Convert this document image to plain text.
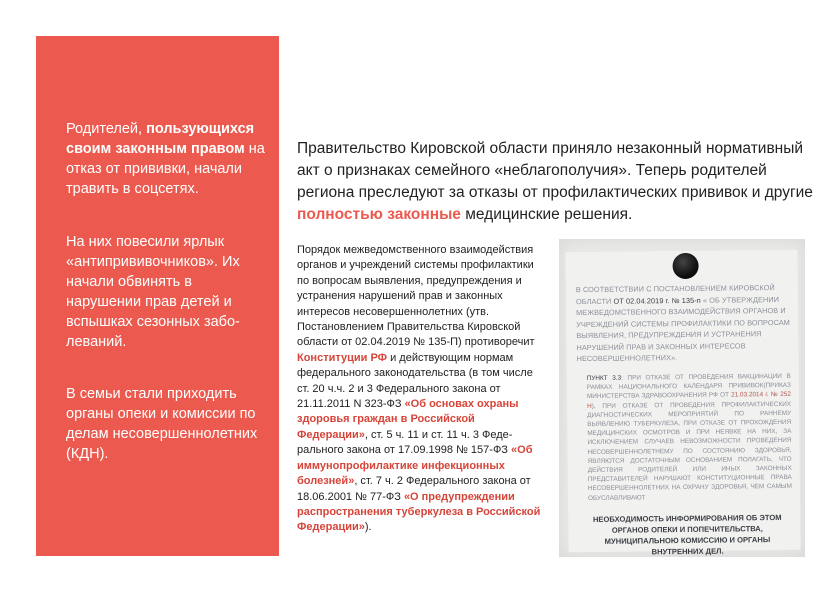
Родителей, пользующихся своим законным правом на отказ от прививки, начали травить в соцсетях.
На них повесили ярлык «антипрививочников». Их начали обвинять в нарушении прав детей и вспышках сезонных заболеваний.
В семьи стали приходить органы опеки и комиссии по делам несовершеннолетних (КДН).
Правительство Кировской области приняло незаконный нормативный акт о признаках семейного «неблагополучия». Теперь родителей региона преследуют за отказы от профилактических прививок и другие полностью законные медицинские решения.
Порядок межведомственного взаимодействия органов и учреждений системы профилактики по вопросам выявления, предупреждения и устранения нарушений прав и законных интересов несовершеннолетних (утв. Постановлением Правительства Кировской области от 02.04.2019 № 135-П) противоречит Конституции РФ и действующим нормам федерального законодательства (в том числе ст. 20 ч.ч. 2 и 3 Федерального закона от 21.11.2011 N 323-ФЗ «Об основах охраны здоровья граждан в Российской Федерации», ст. 5 ч. 11 и ст. 11 ч. 3 Федерального закона от 17.09.1998 № 157-ФЗ «Об иммунопрофилактике инфекционных болезней», ст. 7 ч. 2 Федерального закона от 18.06.2001 № 77-ФЗ «О предупреждении распространения туберкулеза в Российской Федерации»).
В СООТВЕТСТВИИ С ПОСТАНОВЛЕНИЕМ КИРОВСКОЙ ОБЛАСТИ ОТ 02.04.2019 г. № 135-п « ОБ УТВЕРЖДЕНИИ МЕЖВЕДОМСТВЕННОГО ВЗАИМОДЕЙСТВИЯ ОРГАНОВ И УЧРЕЖДЕНИЙ СИСТЕМЫ ПРОФИЛАКТИКИ ПО ВОПРОСАМ ВЫЯВЛЕНИЯ, ПРЕДУПРЕЖДЕНИЯ И УСТРАНЕНИЯ НАРУШЕНИЙ ПРАВ И ЗАКОННЫХ ИНТЕРЕСОВ НЕСОВЕРШЕННОЛЕТНИХ».
ПУНКТ 3.3: ПРИ ОТКАЗЕ ОТ ПРОВЕДЕНИЯ ВАКЦИНАЦИИ В РАМКАХ НАЦИОНАЛЬНОГО КАЛЕНДАРЯ ПРИВИВОК(ПРИКАЗ МИНИСТЕРСТВА ЗДРАВООХРАНЕНИЯ РФ ОТ 21.03.2014 г. № 252 Н), ПРИ ОТКАЗЕ ОТ ПРОВЕДЕНИЯ ПРОФИЛАКТИЧЕСКИХ ДИАГНОСТИЧЕСКИХ МЕРОПРИЯТИЙ ПО РАННЕМУ ВЫЯВЛЕНИЮ ТУБЕРКУЛЕЗА, ПРИ ОТКАЗЕ ОТ ПРОХОЖДЕНИЯ МЕДИЦИНСКИХ ОСМОТРОВ И ПРИ НЕЯВКЕ НА НИХ, ЗА ИСКЛЮЧЕНИЕМ СЛУЧАЕВ НЕВОЗМОЖНОСТИ ПРОВЕДЕНИЯ НЕСОВЕРШЕННОЛЕТНЕМУ ПО СОСТОЯНИЮ ЗДОРОВЬЯ, ЯВЛЯЮТСЯ ДОСТАТОЧНЫМ ОСНОВАНИЕМ ПОЛАГАТЬ, ЧТО ДЕЙСТВИЯ РОДИТЕЛЕЙ ИЛИ ИНЫХ ЗАКОННЫХ ПРЕДСТАВИТЕЛЕЙ НАРУШАЮТ КОНСТИТУЦИОННЫЕ ПРАВА НЕСОВЕРШЕННОЛЕТНИХ НА ОХРАНУ ЗДОРОВЬЯ, ЧЕМ САМЫМ ОБУСЛАВЛИВАЮТ
НЕОБХОДИМОСТЬ ИНФОРМИРОВАНИЯ ОБ ЭТОМ ОРГАНОВ ОПЕКИ И ПОПЕЧИТЕЛЬСТВА, МУНИЦИПАЛЬНОЮ КОМИССИЮ И ОРГАНЫ ВНУТРЕННИХ ДЕЛ.
